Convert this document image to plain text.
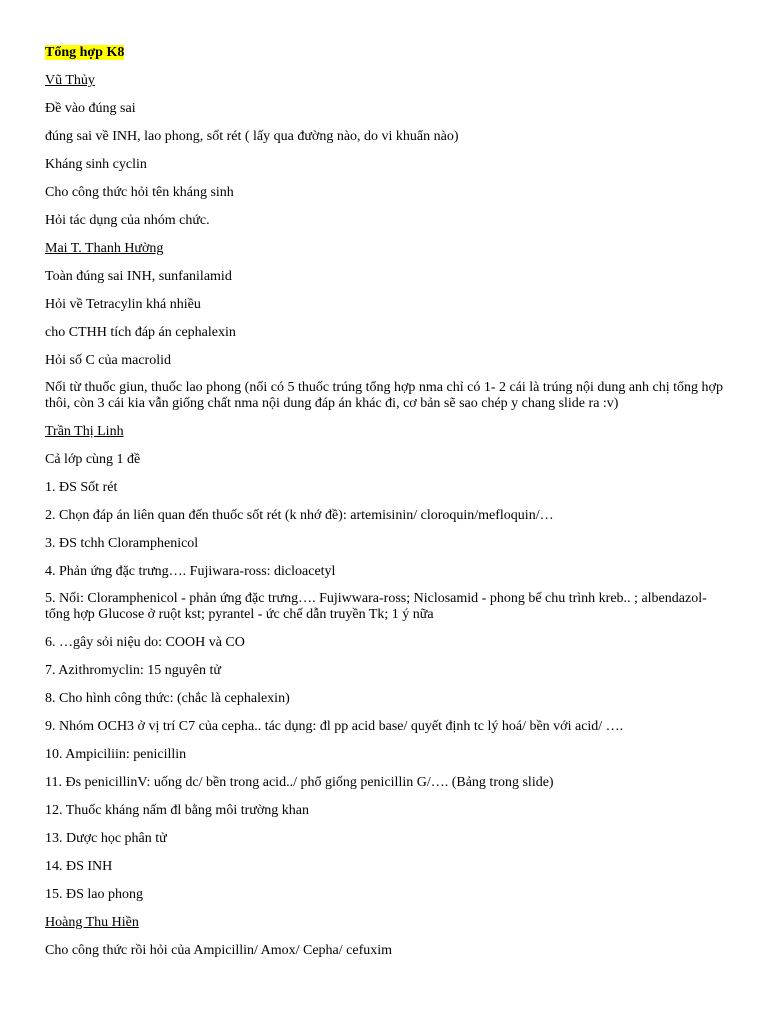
Tổng hợp K8

Vũ Thủy

Đề vào đúng sai

đúng sai về INH, lao phong, sốt rét ( lấy qua đường nào, do vi khuẩn nào)

Kháng sinh cyclin

Cho công thức hỏi tên kháng sinh

Hỏi tác dụng của nhóm chức.

Mai T. Thanh Hường

Toàn đúng sai INH, sunfanilamid

Hỏi về Tetracylin khá nhiều

cho CTHH tích đáp án cephalexin

Hỏi số C của macrolid

Nối từ thuốc giun, thuốc lao phong (nối có 5 thuốc trúng tổng hợp nma chỉ có 1- 2 cái là trúng nội dung anh chị tổng hợp thôi, còn 3 cái kia vẫn giống chất nma nội dung đáp án khác đi, cơ bản sẽ sao chép y chang slide ra :v)

Trần Thị Linh

Cả lớp cùng 1 đề

1. ĐS Sốt rét

2. Chọn đáp án liên quan đến thuốc sốt rét (k nhớ đề): artemisinin/ cloroquin/mefloquin/…

3. ĐS tchh Cloramphenicol

4. Phản ứng đặc trưng…. Fujiwara-ross: dicloacetyl

5. Nối: Cloramphenicol - phản ứng đặc trưng…. Fujiwwara-ross; Niclosamid - phong bế chu trình kreb.. ; albendazol-tổng hợp Glucose ở ruột kst; pyrantel - ức chế dẫn truyền Tk; 1 ý nữa

6. …gây sỏi niệu do: COOH và CO

7. Azithromyclin: 15 nguyên tử

8. Cho hình công thức: (chắc là cephalexin)

9. Nhóm OCH3 ở vị trí C7 của cepha.. tác dụng: đl pp acid base/ quyết định tc lý hoá/ bền với acid/ ….

10. Ampiciliin: penicillin

11. Đs penicillinV: uống dc/ bền trong acid../ phổ giống penicillin G/…. (Bảng trong slide)

12. Thuốc kháng nấm đl bằng môi trường khan

13. Dược học phân tử

14. ĐS INH

15. ĐS lao phong

Hoàng Thu Hiền

Cho công thức rồi hỏi của Ampicillin/ Amox/ Cepha/ cefuxim
